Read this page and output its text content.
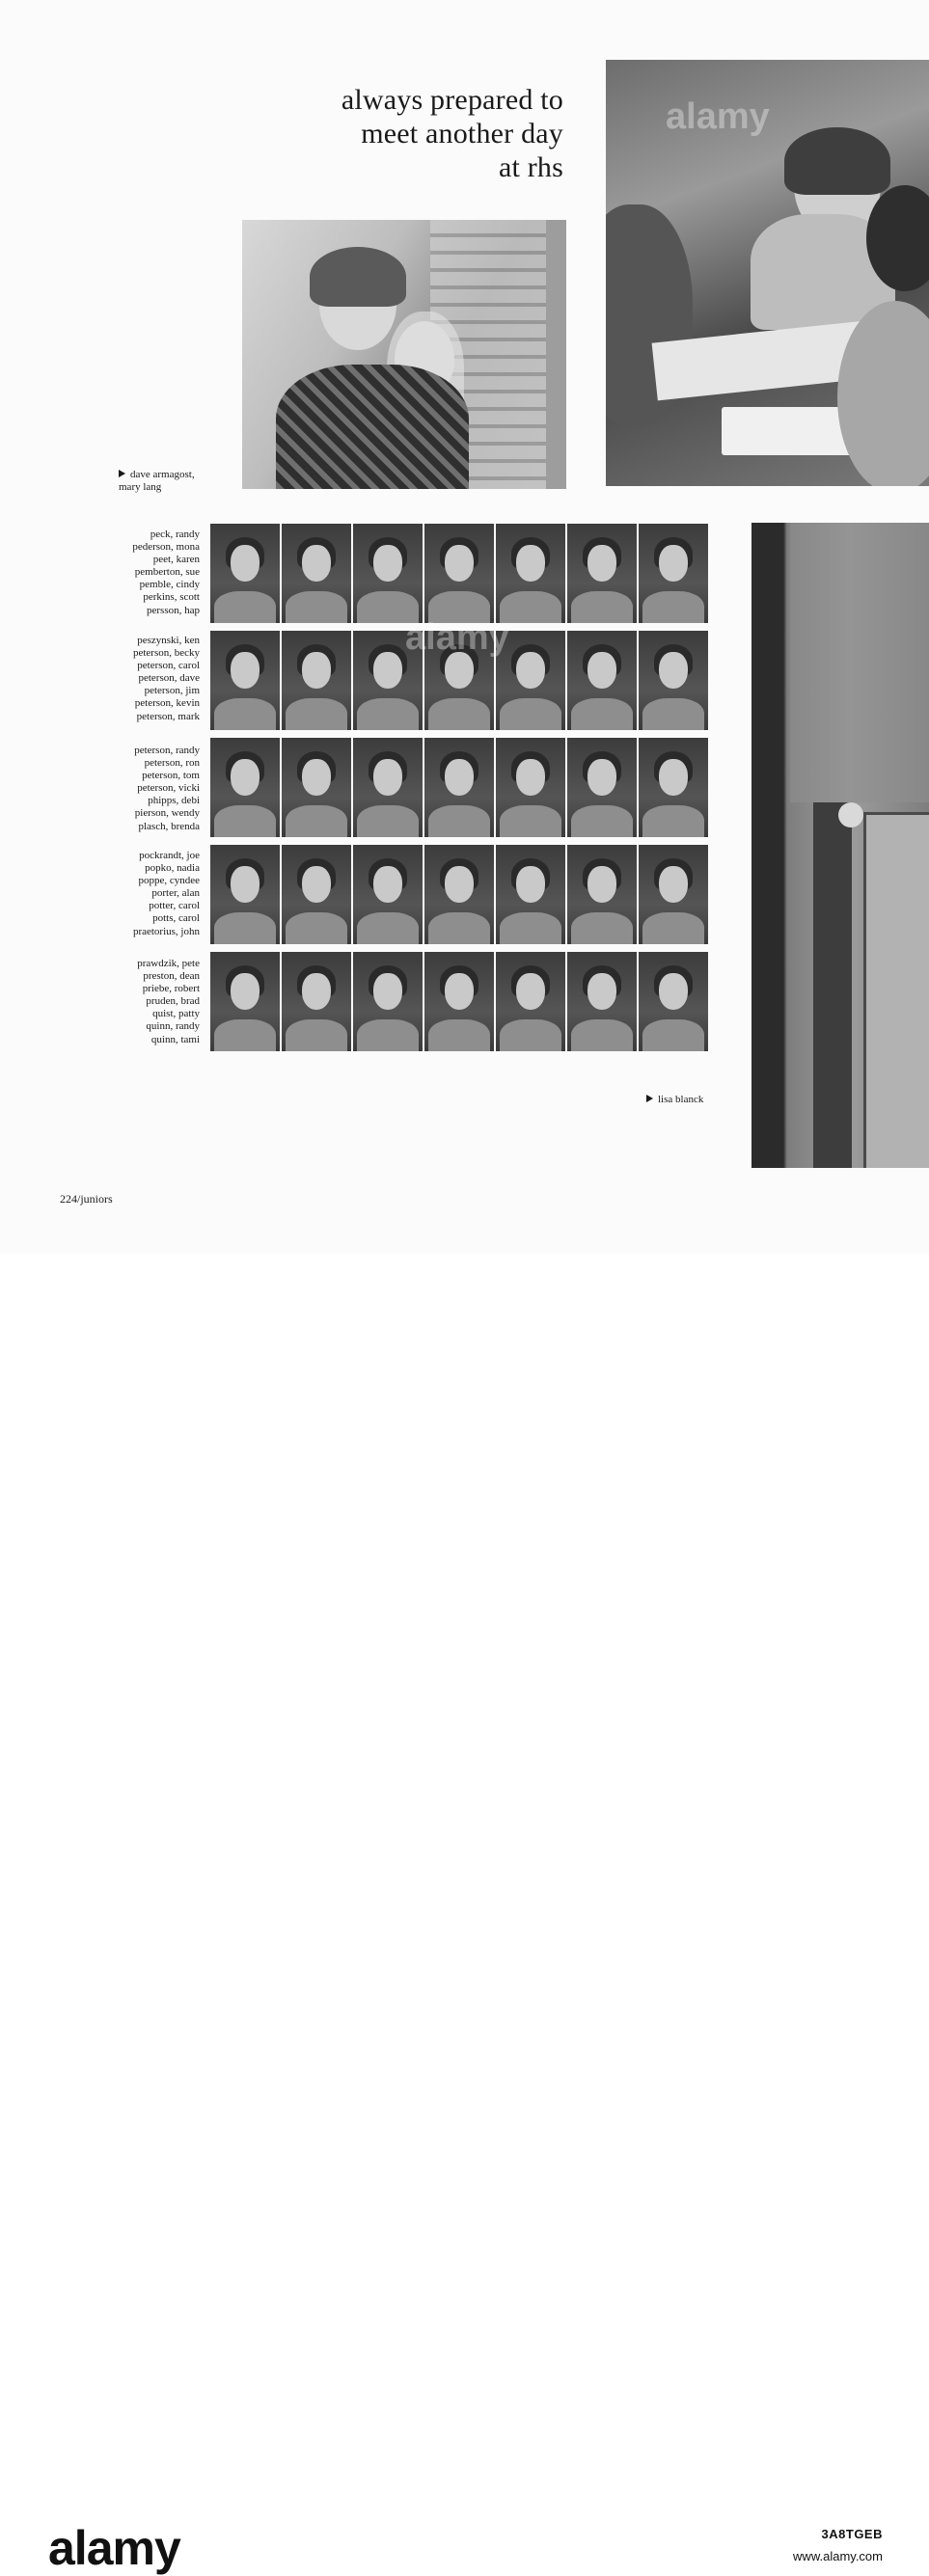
always prepared to
meet another day
at rhs
dave armagost,
mary lang
peck, randy
pederson, mona
peet, karen
pemberton, sue
pemble, cindy
perkins, scott
persson, hap
peszynski, ken
peterson, becky
peterson, carol
peterson, dave
peterson, jim
peterson, kevin
peterson, mark
peterson, randy
peterson, ron
peterson, tom
peterson, vicki
phipps, debi
pierson, wendy
plasch, brenda
pockrandt, joe
popko, nadia
poppe, cyndee
porter, alan
potter, carol
potts, carol
praetorius, john
prawdzik, pete
preston, dean
priebe, robert
pruden, brad
quist, patty
quinn, randy
quinn, tami
lisa blanck
224/juniors
alamy
alamy
alamy	3A8TGEB
www.alamy.com
